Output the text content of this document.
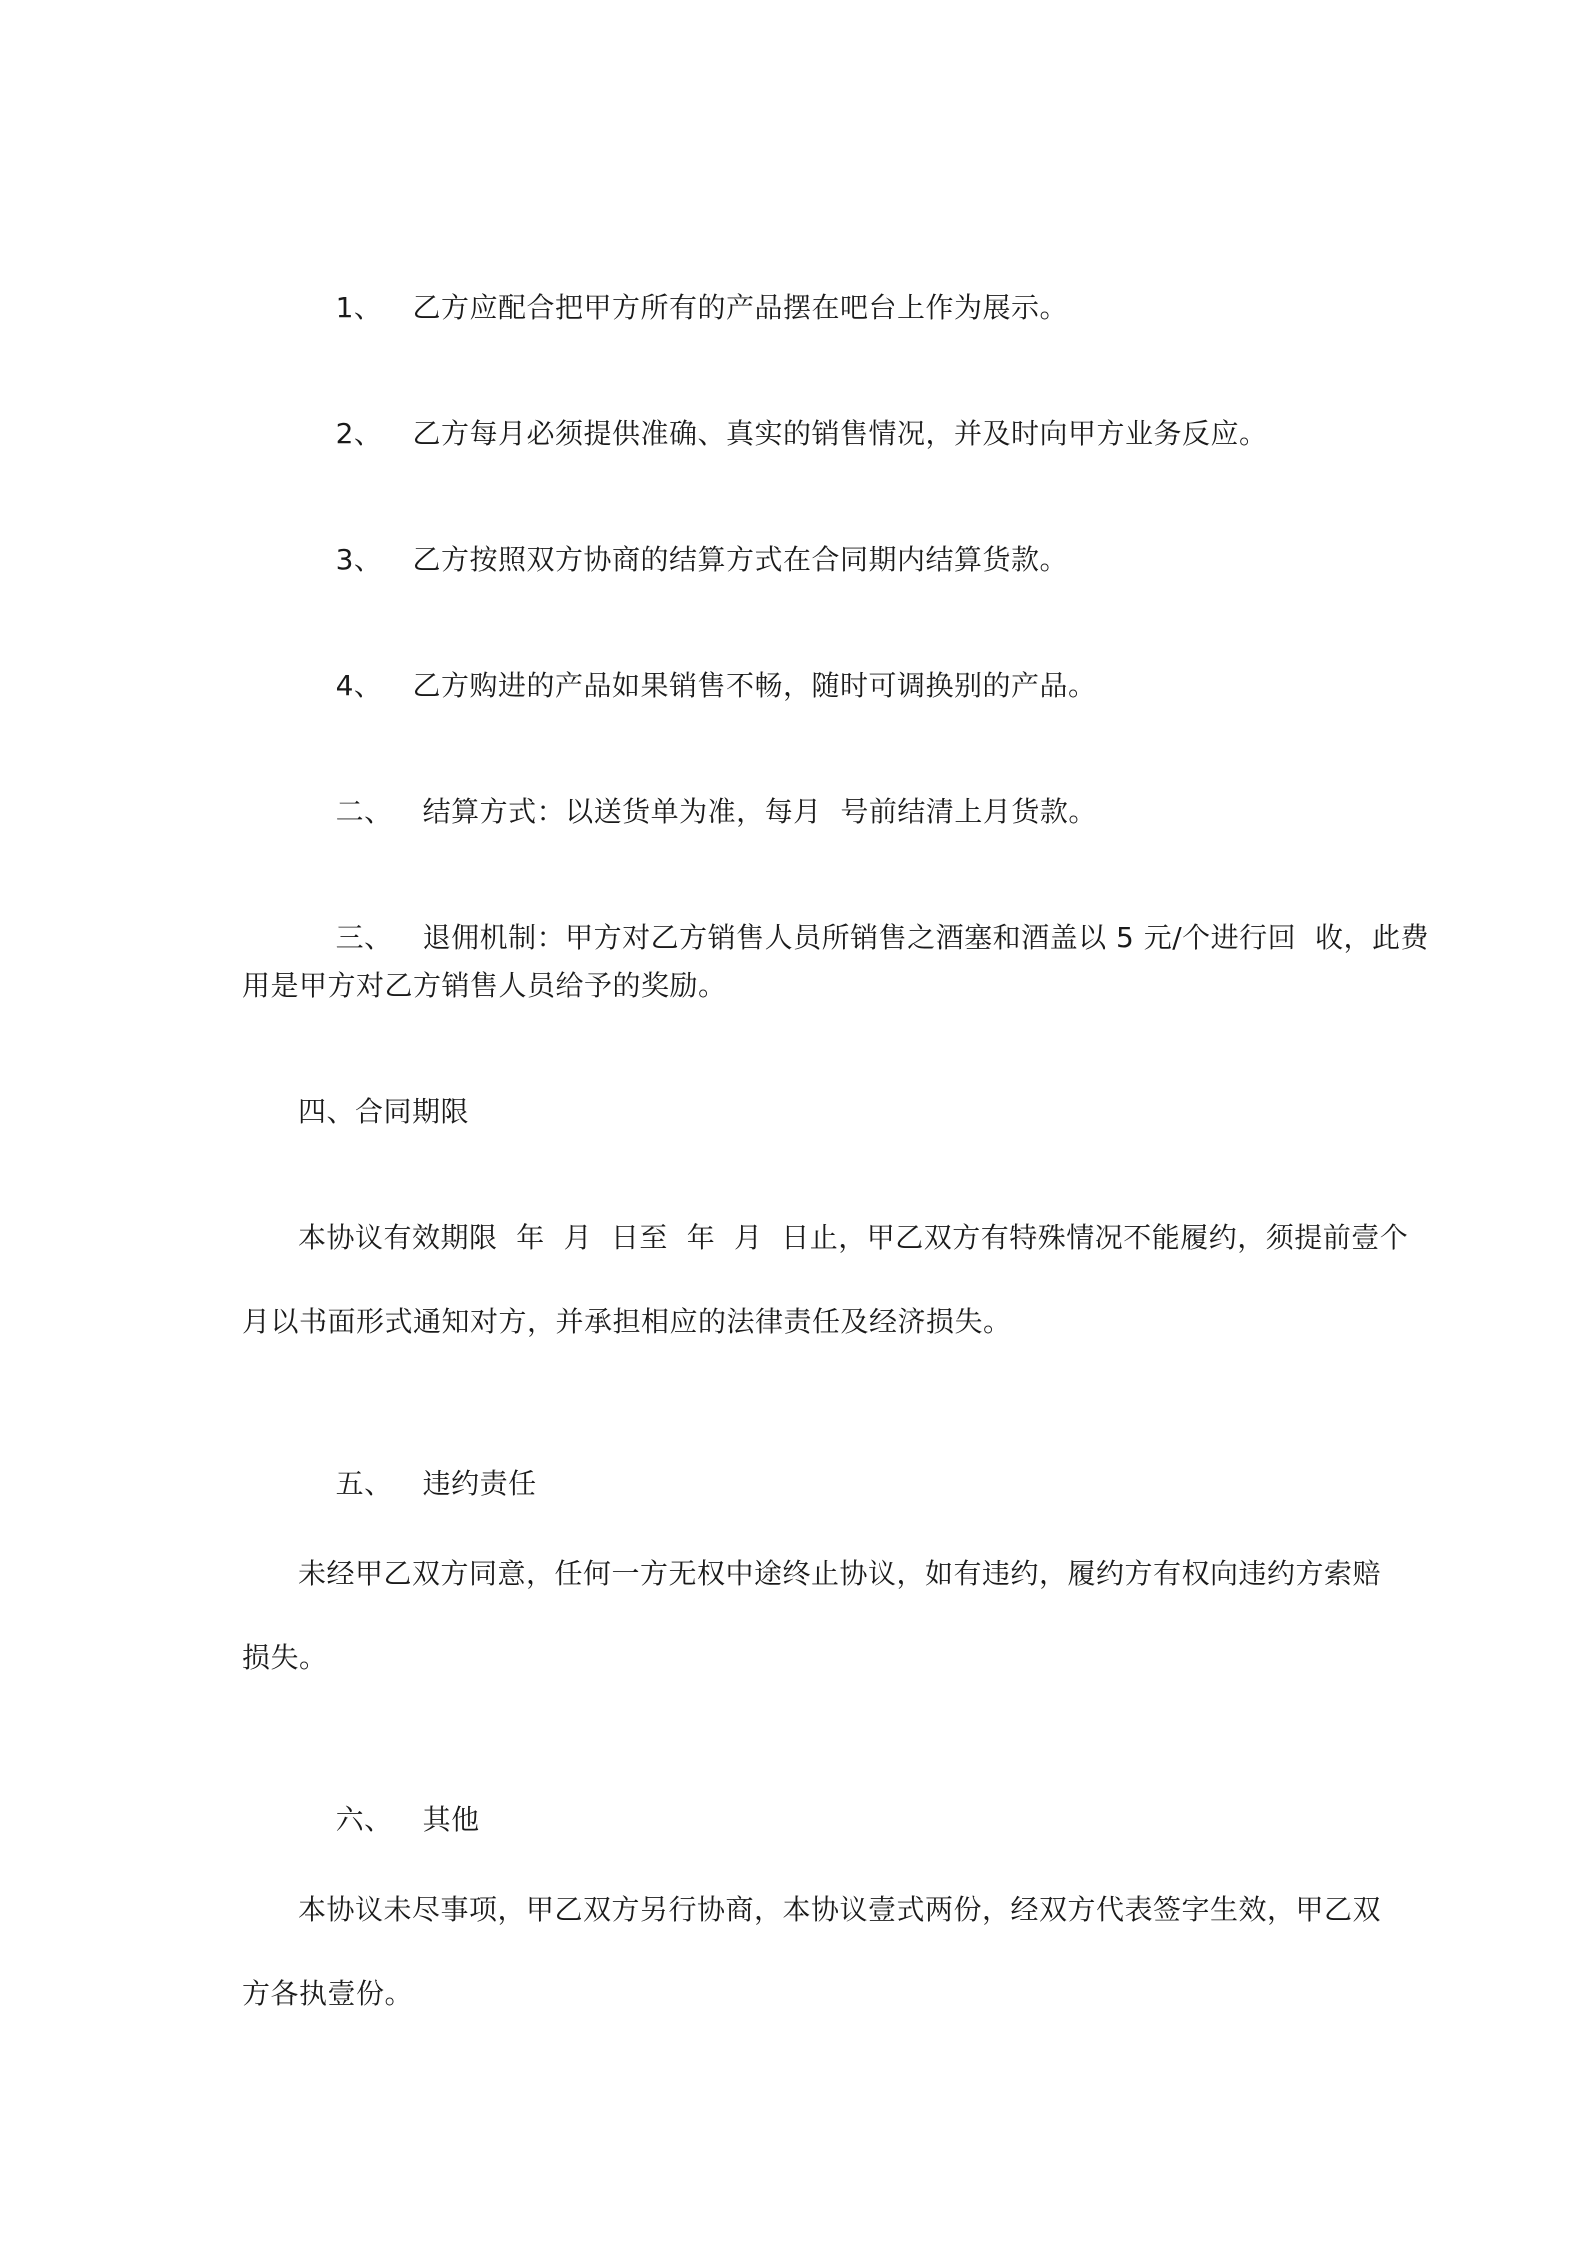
1、 乙方应配合把甲方所有的产品摆在吧台上作为展示。

2、 乙方每月必须提供准确、真实的销售情况，并及时向甲方业务反应。

3、 乙方按照双方协商的结算方式在合同期内结算货款。

4、 乙方购进的产品如果销售不畅，随时可调换别的产品。

二、 结算方式：以送货单为准，每月  号前结清上月货款。

三、 退佣机制：甲方对乙方销售人员所销售之酒塞和酒盖以 5 元/个进行回  收，此费

用是甲方对乙方销售人员给予的奖励。
四、合同期限
本协议有效期限  年  月  日至  年  月  日止，甲乙双方有特殊情况不能履约，须提前壹个
月以书面形式通知对方，并承担相应的法律责任及经济损失。

五、 违约责任

未经甲乙双方同意，任何一方无权中途终止协议，如有违约，履约方有权向违约方索赔
损失。

六、 其他

本协议未尽事项，甲乙双方另行协商，本协议壹式两份，经双方代表签字生效，甲乙双
方各执壹份。
